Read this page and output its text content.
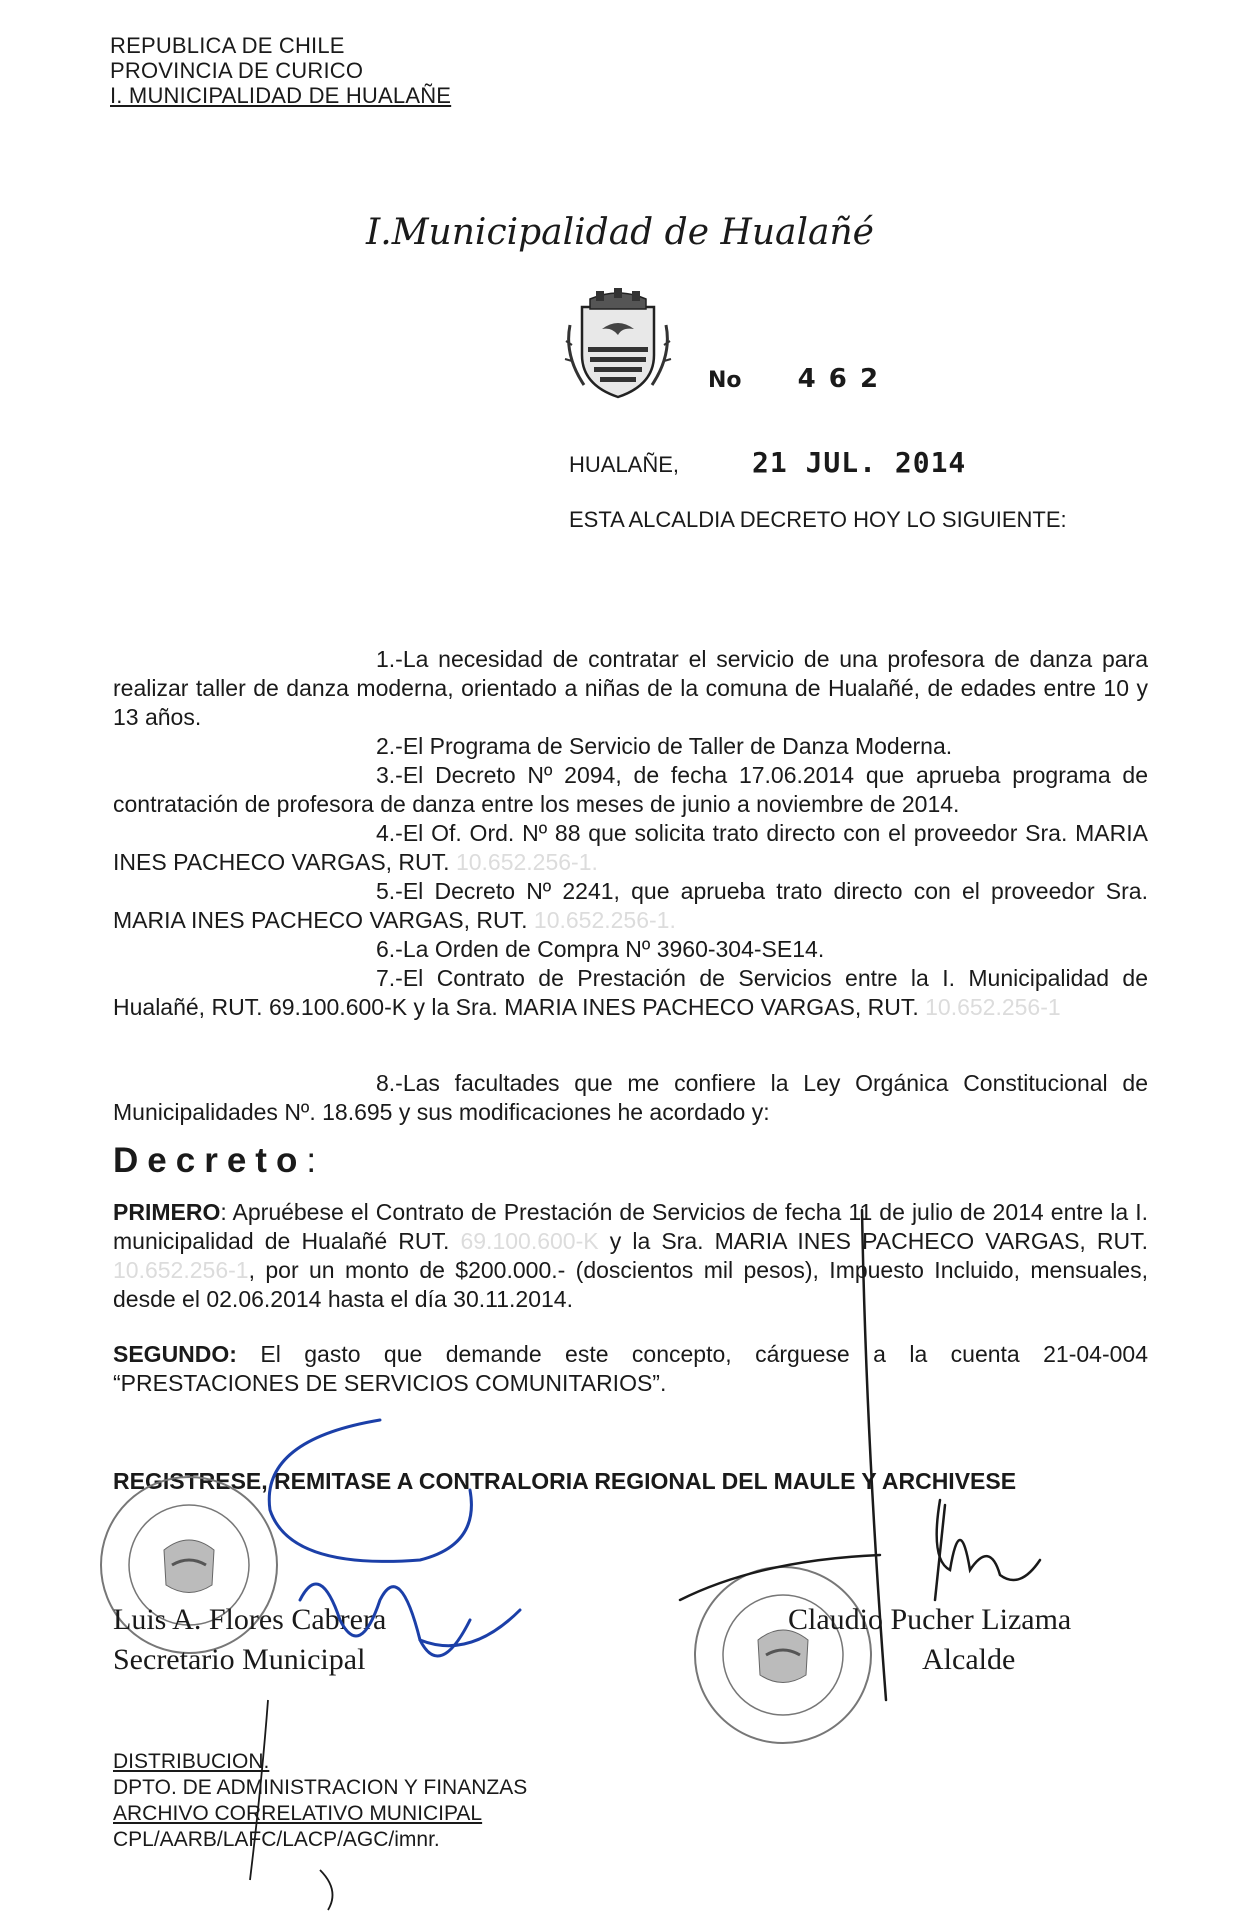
REPUBLICA DE CHILE
PROVINCIA DE CURICO
I. MUNICIPALIDAD DE HUALAÑE
I.Municipalidad de Hualañé
No 4 6 2
HUALAÑE,	21 JUL. 2014
ESTA ALCALDIA DECRETO HOY LO SIGUIENTE:

1.-La necesidad de contratar el servicio de una profesora de danza para realizar taller de danza moderna, orientado a niñas de la comuna de Hualañé, de edades entre 10 y 13 años.

2.-El Programa de Servicio de Taller de Danza Moderna.

3.-El Decreto Nº 2094, de fecha 17.06.2014 que aprueba programa de contratación de profesora de danza entre los meses de junio a noviembre de 2014.

4.-El Of. Ord. Nº 88 que solicita trato directo con el proveedor Sra. MARIA INES PACHECO VARGAS, RUT. 10.652.256-1.

5.-El Decreto Nº 2241, que aprueba trato directo con el proveedor Sra. MARIA INES PACHECO VARGAS, RUT. 10.652.256-1.

6.-La Orden de Compra Nº 3960-304-SE14.

7.-El Contrato de Prestación de Servicios entre la I. Municipalidad de Hualañé, RUT. 69.100.600-K y la Sra. MARIA INES PACHECO VARGAS, RUT. 10.652.256-1

8.-Las facultades que me confiere la Ley Orgánica Constitucional de Municipalidades Nº. 18.695 y sus modificaciones he acordado y:

Decreto:

PRIMERO: Apruébese el Contrato de Prestación de Servicios de fecha 11 de julio de 2014 entre la I. municipalidad de Hualañé RUT. 69.100.600-K y la Sra. MARIA INES PACHECO VARGAS, RUT. 10.652.256-1, por un monto de $200.000.- (doscientos mil pesos), Impuesto Incluido, mensuales, desde el 02.06.2014 hasta el día 30.11.2014.

SEGUNDO: El gasto que demande este concepto, cárguese a la cuenta 21-04-004 “PRESTACIONES DE SERVICIOS COMUNITARIOS”.

REGISTRESE, REMITASE A CONTRALORIA REGIONAL DEL MAULE Y ARCHIVESE
Luis A. Flores Cabrera
Secretario Municipal
Claudio Pucher Lizama
Alcalde
DISTRIBUCION.
DPTO. DE ADMINISTRACION Y FINANZAS
ARCHIVO CORRELATIVO MUNICIPAL
CPL/AARB/LAFC/LACP/AGC/imnr.
